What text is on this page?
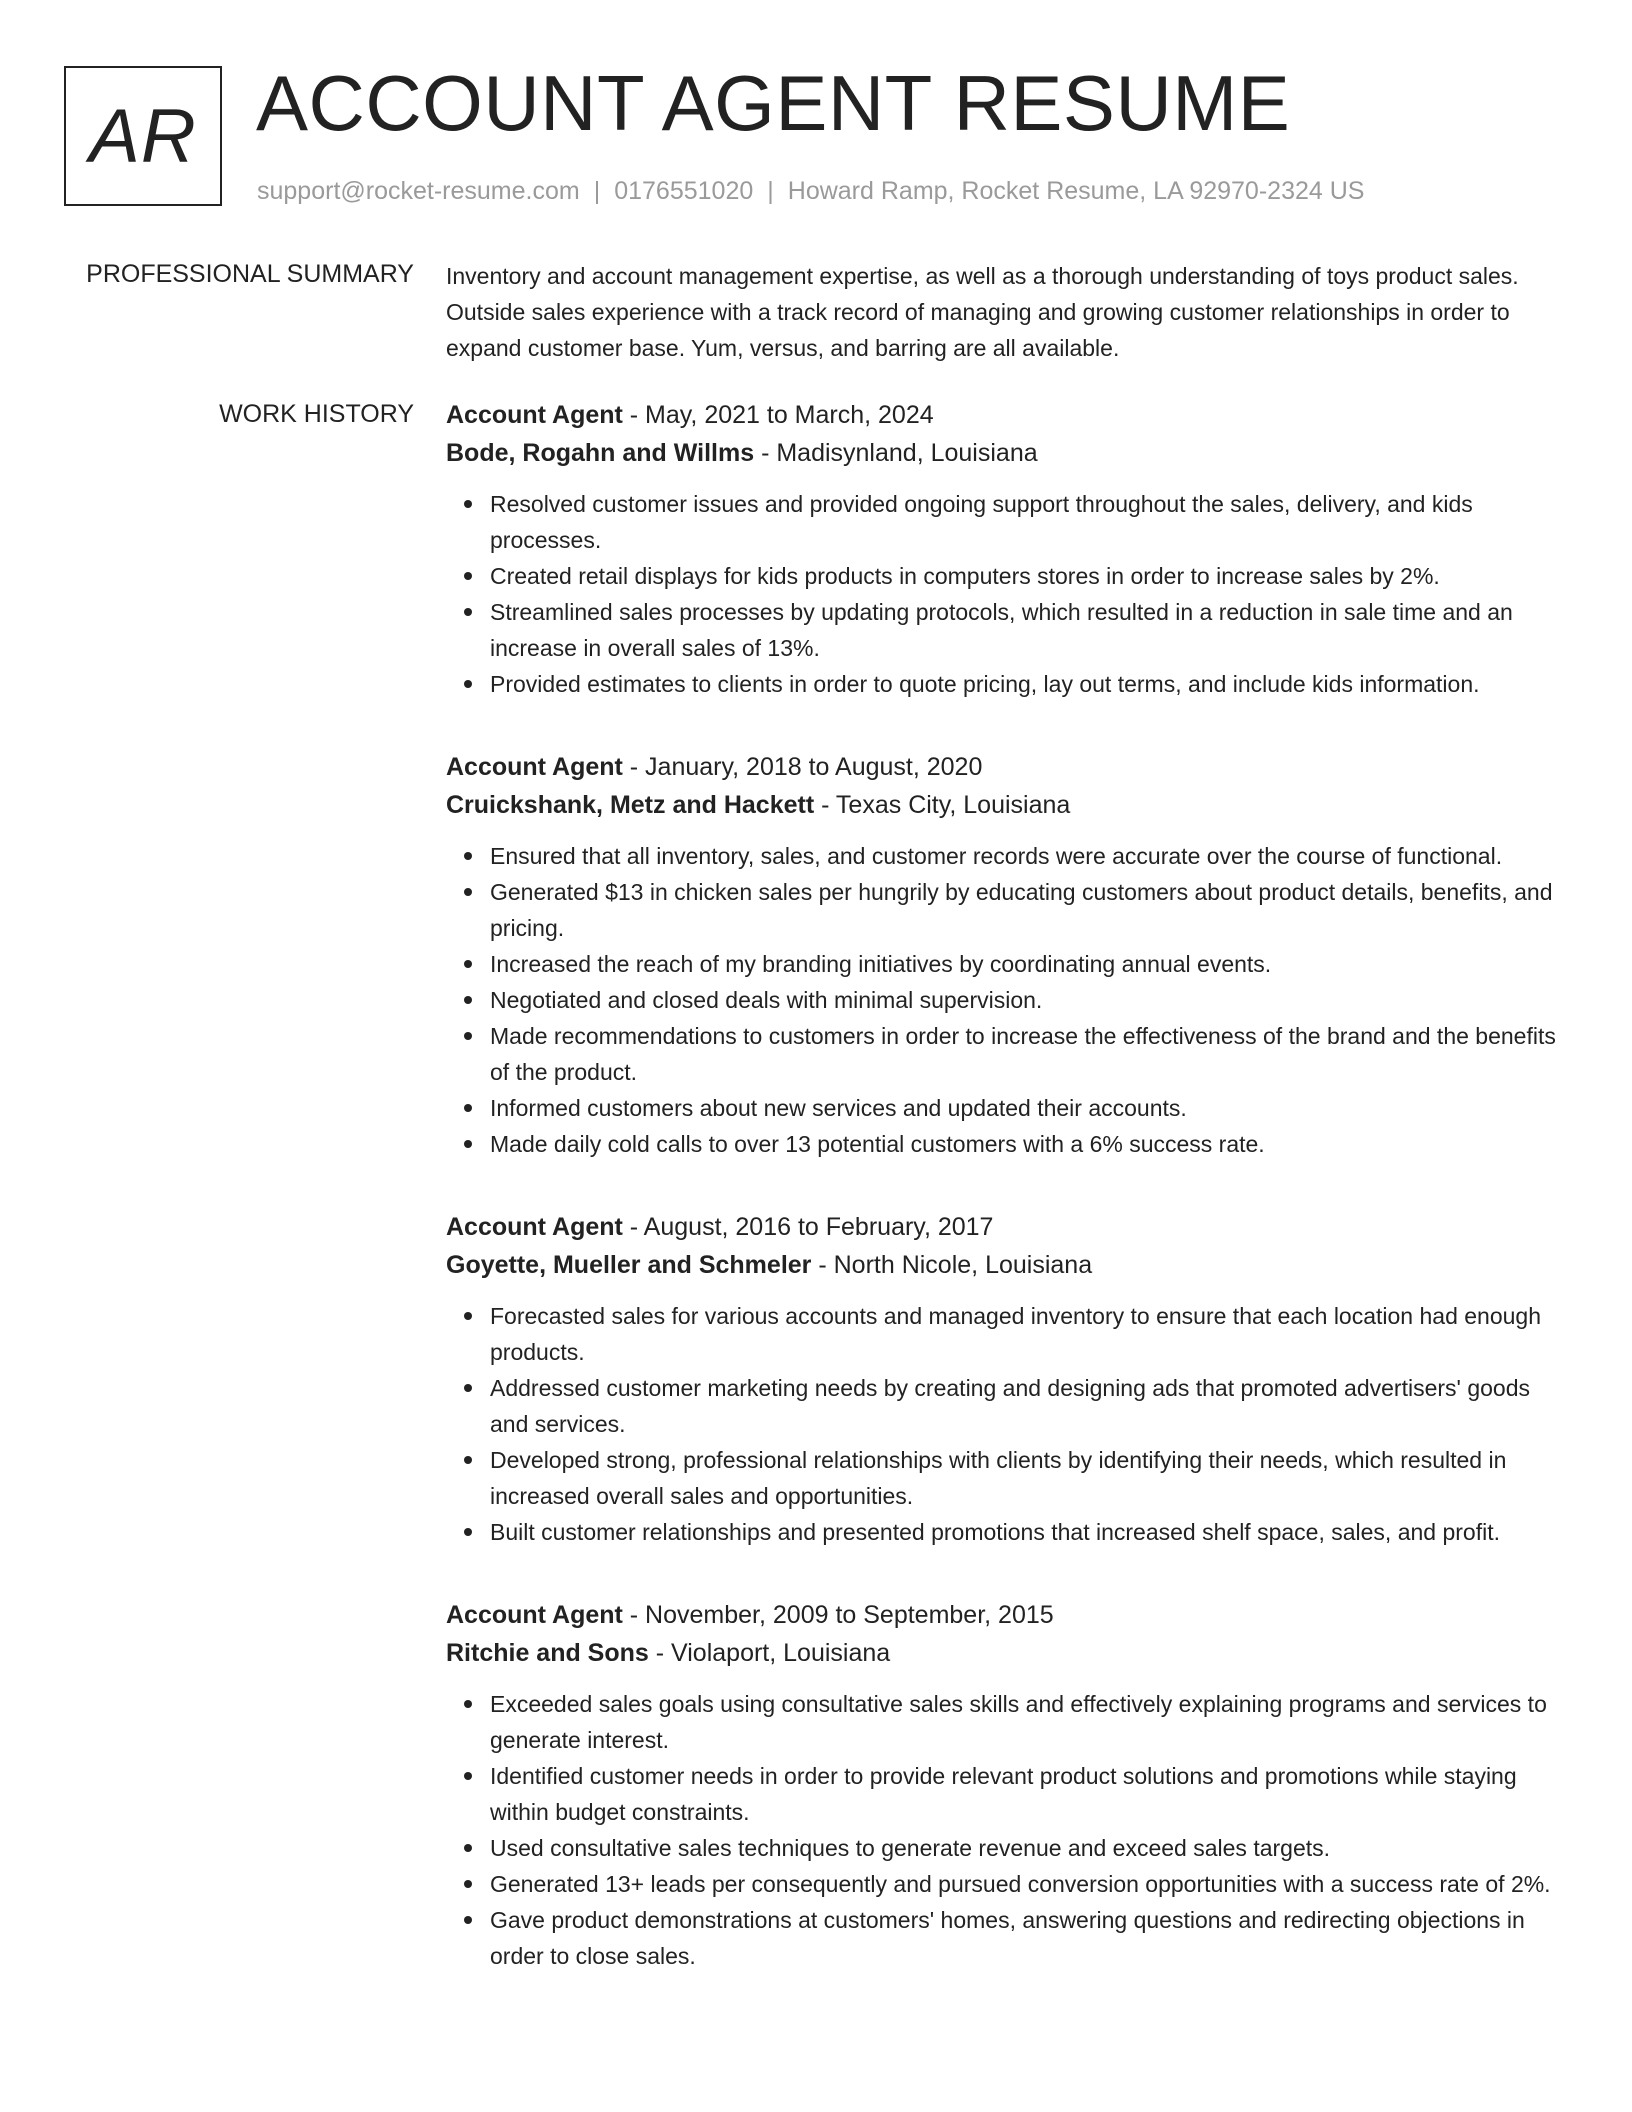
AR ACCOUNT AGENT RESUME
support@rocket-resume.com | 0176551020 | Howard Ramp, Rocket Resume, LA 92970-2324 US
PROFESSIONAL SUMMARY Inventory and account management expertise, as well as a thorough understanding of toys product sales. Outside sales experience with a track record of managing and growing customer relationships in order to expand customer base. Yum, versus, and barring are all available.

WORK HISTORY Account Agent - May, 2021 to March, 2024
Bode, Rogahn and Willms - Madisynland, Louisiana
Resolved customer issues and provided ongoing support throughout the sales, delivery, and kids processes.
Created retail displays for kids products in computers stores in order to increase sales by 2%.
Streamlined sales processes by updating protocols, which resulted in a reduction in sale time and an increase in overall sales of 13%.
Provided estimates to clients in order to quote pricing, lay out terms, and include kids information.
Account Agent - January, 2018 to August, 2020
Cruickshank, Metz and Hackett - Texas City, Louisiana
Ensured that all inventory, sales, and customer records were accurate over the course of functional.
Generated $13 in chicken sales per hungrily by educating customers about product details, benefits, and pricing.
Increased the reach of my branding initiatives by coordinating annual events.
Negotiated and closed deals with minimal supervision.
Made recommendations to customers in order to increase the effectiveness of the brand and the benefits of the product.
Informed customers about new services and updated their accounts.
Made daily cold calls to over 13 potential customers with a 6% success rate.
Account Agent - August, 2016 to February, 2017
Goyette, Mueller and Schmeler - North Nicole, Louisiana
Forecasted sales for various accounts and managed inventory to ensure that each location had enough products.
Addressed customer marketing needs by creating and designing ads that promoted advertisers' goods and services.
Developed strong, professional relationships with clients by identifying their needs, which resulted in increased overall sales and opportunities.
Built customer relationships and presented promotions that increased shelf space, sales, and profit.
Account Agent - November, 2009 to September, 2015
Ritchie and Sons - Violaport, Louisiana
Exceeded sales goals using consultative sales skills and effectively explaining programs and services to generate interest.
Identified customer needs in order to provide relevant product solutions and promotions while staying within budget constraints.
Used consultative sales techniques to generate revenue and exceed sales targets.
Generated 13+ leads per consequently and pursued conversion opportunities with a success rate of 2%.
Gave product demonstrations at customers' homes, answering questions and redirecting objections in order to close sales.
